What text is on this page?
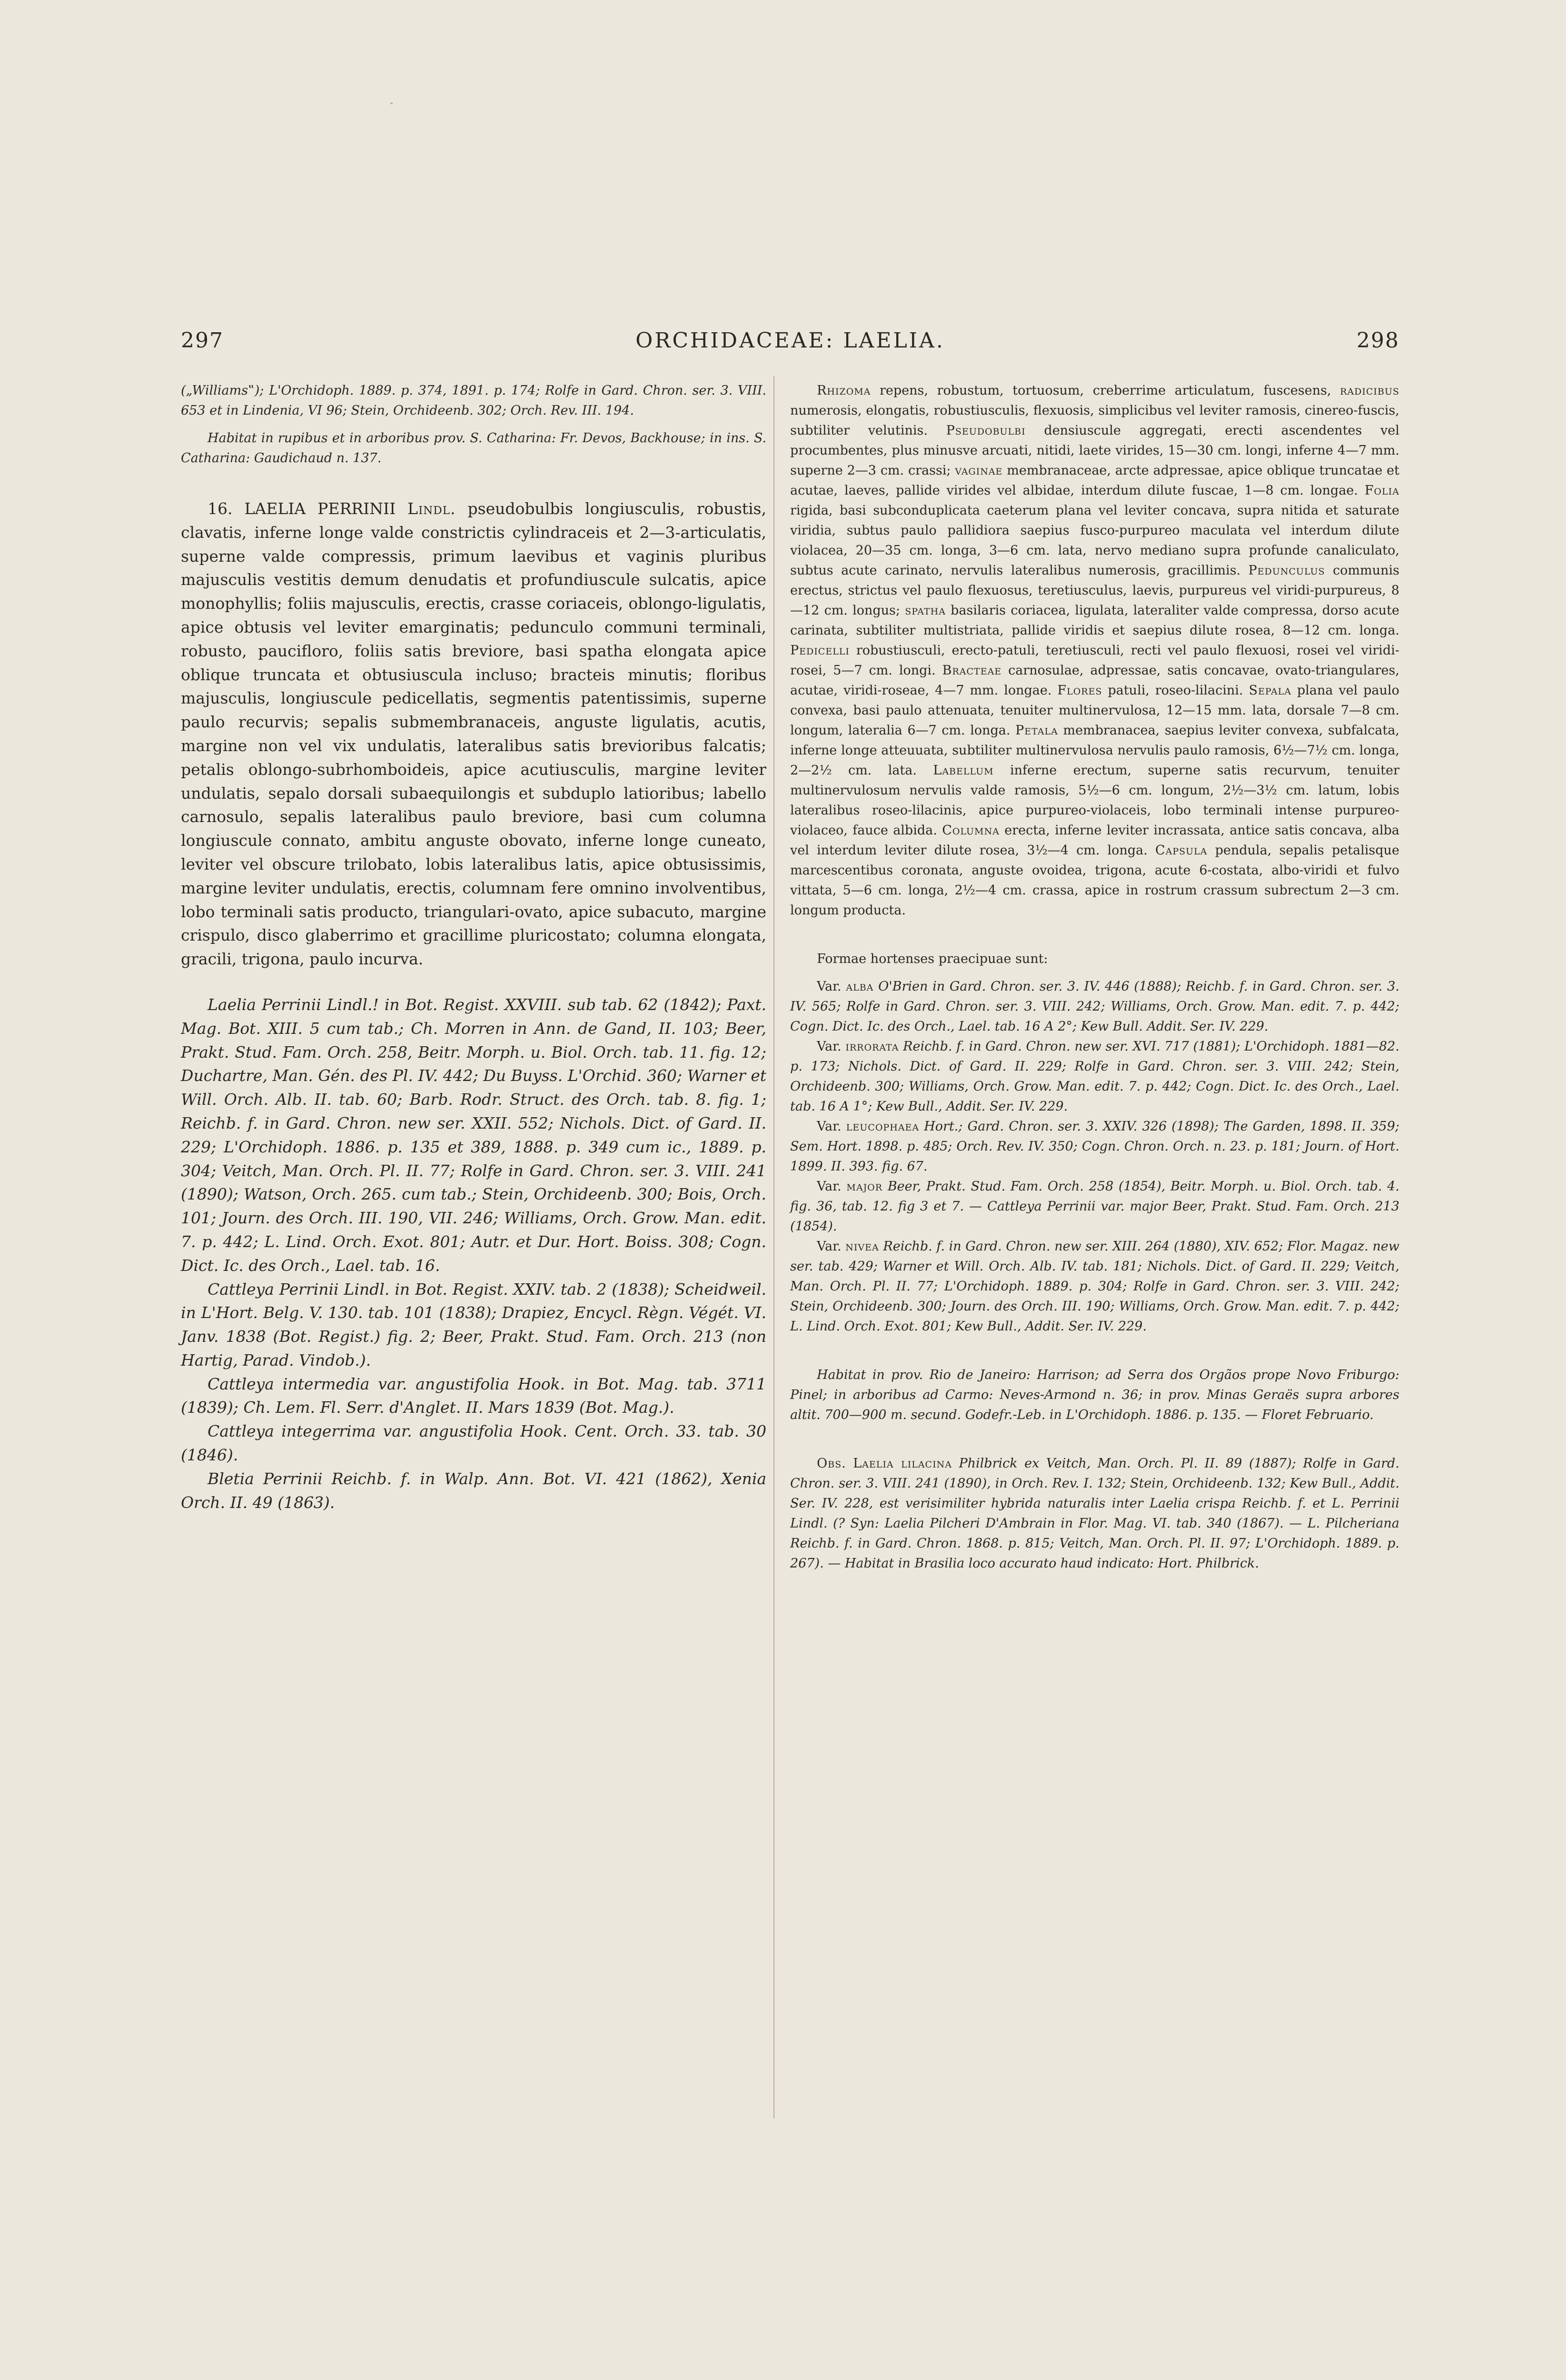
297	ORCHIDACEAE: LAELIA.	298

(„Williams‟); L'Orchidoph. 1889. p. 374, 1891. p. 174; Rolfe in Gard. Chron. ser. 3. VIII. 653 et in Lindenia, VI 96; Stein, Orchideenb. 302; Orch. Rev. III. 194.

Habitat in rupibus et in arboribus prov. S. Catharina: Fr. Devos, Backhouse; in ins. S. Catharina: Gaudichaud n. 137.

16. LAELIA PERRINII Lindl. pseudobulbis longiusculis, robustis, clavatis, inferne longe valde constrictis cylindraceis et 2—3-articulatis, superne valde compressis, primum laevibus et vaginis pluribus majusculis vestitis demum denudatis et profundiuscule sulcatis, apice monophyllis; foliis majusculis, erectis, crasse coriaceis, oblongo-ligulatis, apice obtusis vel leviter emarginatis; pedunculo communi terminali, robusto, paucifloro, foliis satis breviore, basi spatha elongata apice oblique truncata et obtusiuscula incluso; bracteis minutis; floribus majusculis, longiuscule pedicellatis, segmentis patentissimis, superne paulo recurvis; sepalis submembranaceis, anguste ligulatis, acutis, margine non vel vix undulatis, lateralibus satis brevioribus falcatis; petalis oblongo-subrhomboideis, apice acutiusculis, margine leviter undulatis, sepalo dorsali subaequilongis et subduplo latioribus; labello carnosulo, sepalis lateralibus paulo breviore, basi cum columna longiuscule connato, ambitu anguste obovato, inferne longe cuneato, leviter vel obscure trilobato, lobis lateralibus latis, apice obtusissimis, margine leviter undulatis, erectis, columnam fere omnino involventibus, lobo terminali satis producto, triangulari-ovato, apice subacuto, margine crispulo, disco glaberrimo et gracillime pluricostato; columna elongata, gracili, trigona, paulo incurva.

Laelia Perrinii Lindl.! in Bot. Regist. XXVIII. sub tab. 62 (1842); Paxt. Mag. Bot. XIII. 5 cum tab.; Ch. Morren in Ann. de Gand, II. 103; Beer, Prakt. Stud. Fam. Orch. 258, Beitr. Morph. u. Biol. Orch. tab. 11. fig. 12; Duchartre, Man. Gén. des Pl. IV. 442; Du Buyss. L'Orchid. 360; Warner et Will. Orch. Alb. II. tab. 60; Barb. Rodr. Struct. des Orch. tab. 8. fig. 1; Reichb. f. in Gard. Chron. new ser. XXII. 552; Nichols. Dict. of Gard. II. 229; L'Orchidoph. 1886. p. 135 et 389, 1888. p. 349 cum ic., 1889. p. 304; Veitch, Man. Orch. Pl. II. 77; Rolfe in Gard. Chron. ser. 3. VIII. 241 (1890); Watson, Orch. 265. cum tab.; Stein, Orchideenb. 300; Bois, Orch. 101; Journ. des Orch. III. 190, VII. 246; Williams, Orch. Grow. Man. edit. 7. p. 442; L. Lind. Orch. Exot. 801; Autr. et Dur. Hort. Boiss. 308; Cogn. Dict. Ic. des Orch., Lael. tab. 16.

Cattleya Perrinii Lindl. in Bot. Regist. XXIV. tab. 2 (1838); Scheidweil. in L'Hort. Belg. V. 130. tab. 101 (1838); Drapiez, Encycl. Règn. Végét. VI. Janv. 1838 (Bot. Regist.) fig. 2; Beer, Prakt. Stud. Fam. Orch. 213 (non Hartig, Parad. Vindob.).

Cattleya intermedia var. angustifolia Hook. in Bot. Mag. tab. 3711 (1839); Ch. Lem. Fl. Serr. d'Anglet. II. Mars 1839 (Bot. Mag.).

Cattleya integerrima var. angustifolia Hook. Cent. Orch. 33. tab. 30 (1846).

Bletia Perrinii Reichb. f. in Walp. Ann. Bot. VI. 421 (1862), Xenia Orch. II. 49 (1863).

Rhizoma repens, robustum, tortuosum, creberrime articulatum, fuscesens, radicibus numerosis, elongatis, robustiusculis, flexuosis, simplicibus vel leviter ramosis, cinereo-fuscis, subtiliter velutinis. Pseudobulbi densiuscule aggregati, erecti ascendentes vel procumbentes, plus minusve arcuati, nitidi, laete virides, 15—30 cm. longi, inferne 4—7 mm. superne 2—3 cm. crassi; vaginae membranaceae, arcte adpressae, apice oblique truncatae et acutae, laeves, pallide virides vel albidae, interdum dilute fuscae, 1—8 cm. longae. Folia rigida, basi subconduplicata caeterum plana vel leviter concava, supra nitida et saturate viridia, subtus paulo pallidiora saepius fusco-purpureo maculata vel interdum dilute violacea, 20—35 cm. longa, 3—6 cm. lata, nervo mediano supra profunde canaliculato, subtus acute carinato, nervulis lateralibus numerosis, gracillimis. Pedunculus communis erectus, strictus vel paulo flexuosus, teretiusculus, laevis, purpureus vel viridi-purpureus, 8—12 cm. longus; spatha basilaris coriacea, ligulata, lateraliter valde compressa, dorso acute carinata, subtiliter multistriata, pallide viridis et saepius dilute rosea, 8—12 cm. longa. Pedicelli robustiusculi, erecto-patuli, teretiusculi, recti vel paulo flexuosi, rosei vel viridi-rosei, 5—7 cm. longi. Bracteae carnosulae, adpressae, satis concavae, ovato-triangulares, acutae, viridi-roseae, 4—7 mm. longae. Flores patuli, roseo-lilacini. Sepala plana vel paulo convexa, basi paulo attenuata, tenuiter multinervulosa, 12—15 mm. lata, dorsale 7—8 cm. longum, lateralia 6—7 cm. longa. Petala membranacea, saepius leviter convexa, subfalcata, inferne longe atteuuata, subtiliter multinervulosa nervulis paulo ramosis, 6½—7½ cm. longa, 2—2½ cm. lata. Labellum inferne erectum, superne satis recurvum, tenuiter multinervulosum nervulis valde ramosis, 5½—6 cm. longum, 2½—3½ cm. latum, lobis lateralibus roseo-lilacinis, apice purpureo-violaceis, lobo terminali intense purpureo-violaceo, fauce albida. Columna erecta, inferne leviter incrassata, antice satis concava, alba vel interdum leviter dilute rosea, 3½—4 cm. longa. Capsula pendula, sepalis petalisque marcescentibus coronata, anguste ovoidea, trigona, acute 6-costata, albo-viridi et fulvo vittata, 5—6 cm. longa, 2½—4 cm. crassa, apice in rostrum crassum subrectum 2—3 cm. longum producta.

Formae hortenses praecipuae sunt:

Var. alba O'Brien in Gard. Chron. ser. 3. IV. 446 (1888); Reichb. f. in Gard. Chron. ser. 3. IV. 565; Rolfe in Gard. Chron. ser. 3. VIII. 242; Williams, Orch. Grow. Man. edit. 7. p. 442; Cogn. Dict. Ic. des Orch., Lael. tab. 16 A 2°; Kew Bull. Addit. Ser. IV. 229.

Var. irrorata Reichb. f. in Gard. Chron. new ser. XVI. 717 (1881); L'Orchidoph. 1881—82. p. 173; Nichols. Dict. of Gard. II. 229; Rolfe in Gard. Chron. ser. 3. VIII. 242; Stein, Orchideenb. 300; Williams, Orch. Grow. Man. edit. 7. p. 442; Cogn. Dict. Ic. des Orch., Lael. tab. 16 A 1°; Kew Bull., Addit. Ser. IV. 229.

Var. leucophaea Hort.; Gard. Chron. ser. 3. XXIV. 326 (1898); The Garden, 1898. II. 359; Sem. Hort. 1898. p. 485; Orch. Rev. IV. 350; Cogn. Chron. Orch. n. 23. p. 181; Journ. of Hort. 1899. II. 393. fig. 67.

Var. major Beer, Prakt. Stud. Fam. Orch. 258 (1854), Beitr. Morph. u. Biol. Orch. tab. 4. fig. 36, tab. 12. fig 3 et 7. — Cattleya Perrinii var. major Beer, Prakt. Stud. Fam. Orch. 213 (1854).

Var. nivea Reichb. f. in Gard. Chron. new ser. XIII. 264 (1880), XIV. 652; Flor. Magaz. new ser. tab. 429; Warner et Will. Orch. Alb. IV. tab. 181; Nichols. Dict. of Gard. II. 229; Veitch, Man. Orch. Pl. II. 77; L'Orchidoph. 1889. p. 304; Rolfe in Gard. Chron. ser. 3. VIII. 242; Stein, Orchideenb. 300; Journ. des Orch. III. 190; Williams, Orch. Grow. Man. edit. 7. p. 442; L. Lind. Orch. Exot. 801; Kew Bull., Addit. Ser. IV. 229.

Habitat in prov. Rio de Janeiro: Harrison; ad Serra dos Orgãos prope Novo Friburgo: Pinel; in arboribus ad Carmo: Neves-Armond n. 36; in prov. Minas Geraës supra arbores altit. 700—900 m. secund. Godefr.-Leb. in L'Orchidoph. 1886. p. 135. — Floret Februario.

Obs. Laelia lilacina Philbrick ex Veitch, Man. Orch. Pl. II. 89 (1887); Rolfe in Gard. Chron. ser. 3. VIII. 241 (1890), in Orch. Rev. I. 132; Stein, Orchideenb. 132; Kew Bull., Addit. Ser. IV. 228, est verisimiliter hybrida naturalis inter Laelia crispa Reichb. f. et L. Perrinii Lindl. (? Syn: Laelia Pilcheri D'Ambrain in Flor. Mag. VI. tab. 340 (1867). — L. Pilcheriana Reichb. f. in Gard. Chron. 1868. p. 815; Veitch, Man. Orch. Pl. II. 97; L'Orchidoph. 1889. p. 267). — Habitat in Brasilia loco accurato haud indicato: Hort. Philbrick.
